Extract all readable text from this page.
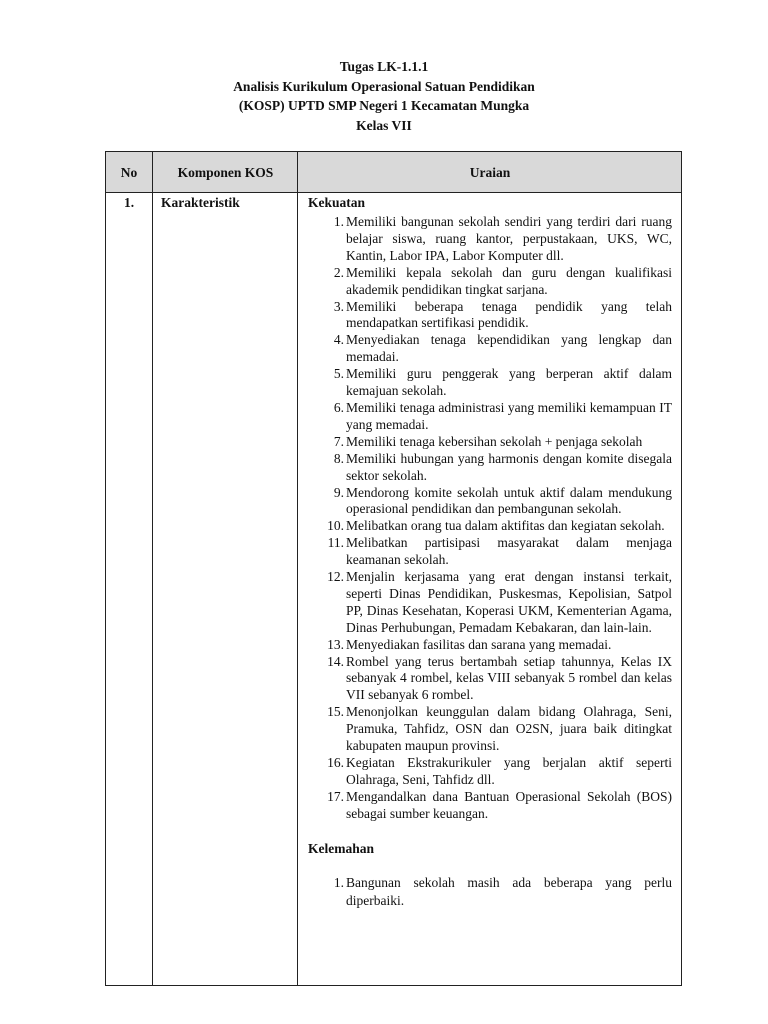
Tugas LK-1.1.1
Analisis Kurikulum Operasional Satuan Pendidikan
(KOSP) UPTD SMP Negeri 1 Kecamatan Mungka
Kelas VII
No	Komponen KOS	Uraian
1.	Karakteristik	Kekuatan
1. Memiliki bangunan sekolah sendiri yang terdiri dari ruang belajar siswa, ruang kantor, perpustakaan, UKS, WC, Kantin, Labor IPA, Labor Komputer dll.
2. Memiliki kepala sekolah dan guru dengan kualifikasi akademik pendidikan tingkat sarjana.
3. Memiliki beberapa tenaga pendidik yang telah mendapatkan sertifikasi pendidik.
4. Menyediakan tenaga kependidikan yang lengkap dan memadai.
5. Memiliki guru penggerak yang berperan aktif dalam kemajuan sekolah.
6. Memiliki tenaga administrasi yang memiliki kemampuan IT yang memadai.
7. Memiliki tenaga kebersihan sekolah + penjaga sekolah
8. Memiliki hubungan yang harmonis dengan komite disegala sektor sekolah.
9. Mendorong komite sekolah untuk aktif dalam mendukung operasional pendidikan dan pembangunan sekolah.
10. Melibatkan orang tua dalam aktifitas dan kegiatan sekolah.
11. Melibatkan partisipasi masyarakat dalam menjaga keamanan sekolah.
12. Menjalin kerjasama yang erat dengan instansi terkait, seperti Dinas Pendidikan, Puskesmas, Kepolisian, Satpol PP, Dinas Kesehatan, Koperasi UKM, Kementerian Agama, Dinas Perhubungan, Pemadam Kebakaran, dan lain-lain.
13. Menyediakan fasilitas dan sarana yang memadai.
14. Rombel yang terus bertambah setiap tahunnya, Kelas IX sebanyak 4 rombel, kelas VIII sebanyak 5 rombel dan kelas VII sebanyak 6 rombel.
15. Menonjolkan keunggulan dalam bidang Olahraga, Seni, Pramuka, Tahfidz, OSN dan O2SN, juara baik ditingkat kabupaten maupun provinsi.
16. Kegiatan Ekstrakurikuler yang berjalan aktif seperti Olahraga, Seni, Tahfidz dll.
17. Mengandalkan dana Bantuan Operasional Sekolah (BOS) sebagai sumber keuangan.
Kelemahan
1. Bangunan sekolah masih ada beberapa yang perlu diperbaiki.
